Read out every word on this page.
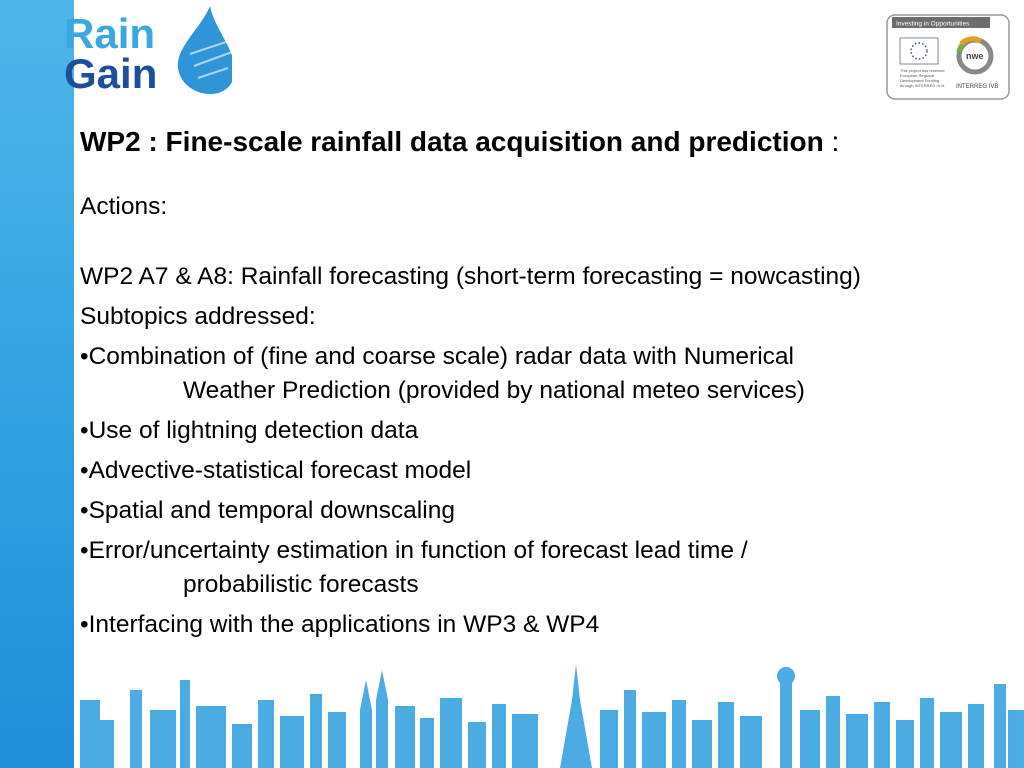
Rain
Gain
Investing in Opportunities
This project has received
European Regional
Development Funding
through INTERREG IV B.
nwe
INTERREG IVB

WP2 : Fine-scale rainfall data acquisition and prediction :

Actions:

WP2 A7 & A8: Rainfall forecasting (short-term forecasting = nowcasting)

Subtopics addressed:

•Combination of (fine and coarse scale) radar data with Numerical
Weather Prediction (provided by national meteo services)
•Use of lightning detection data
•Advective-statistical forecast model
•Spatial and temporal downscaling
•Error/uncertainty estimation in function of forecast lead time /
probabilistic forecasts
•Interfacing with the applications in WP3 & WP4
